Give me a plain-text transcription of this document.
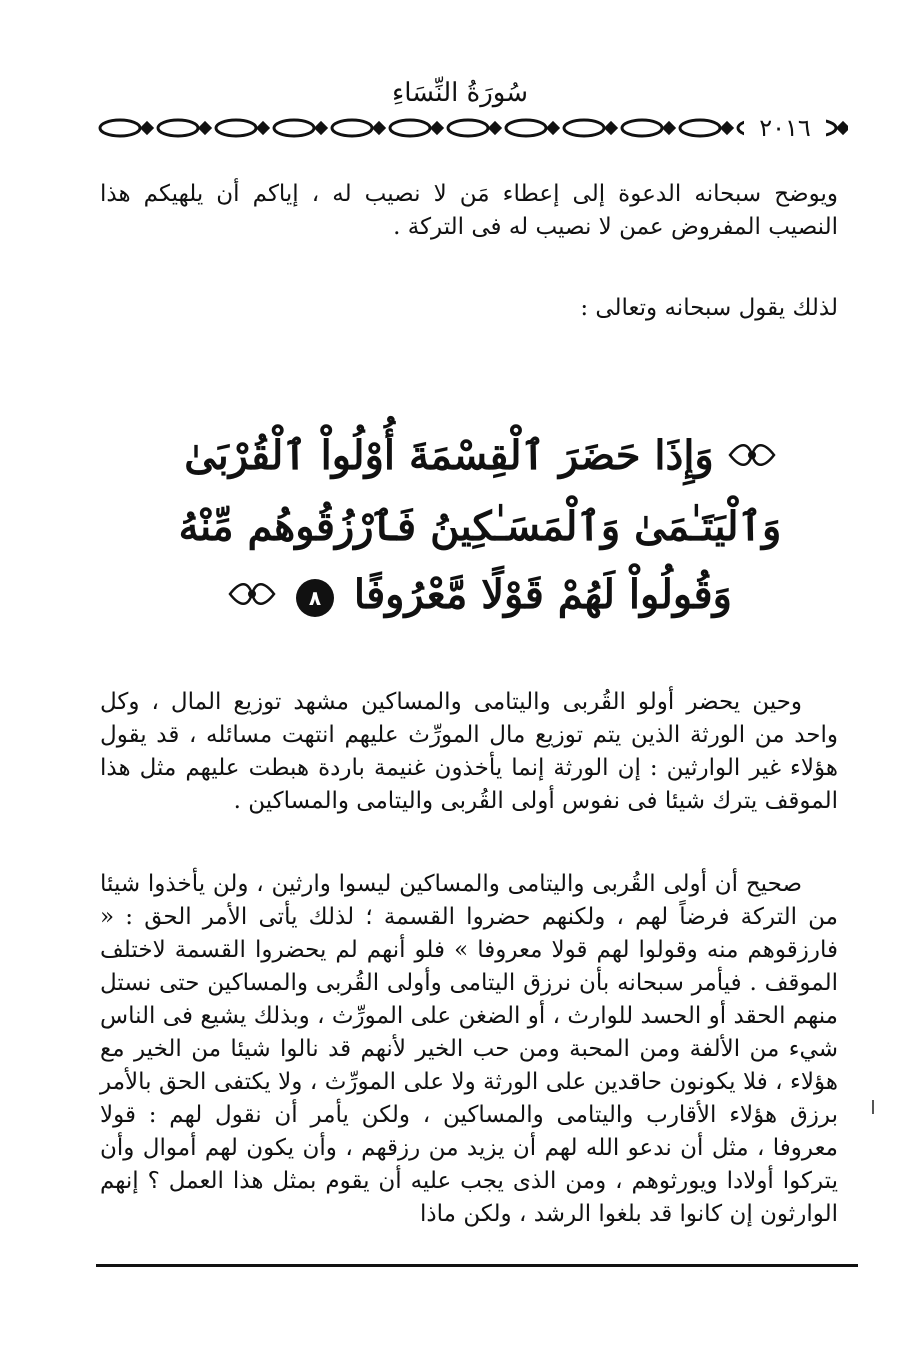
سُورَةُ النِّسَاءِ
٢٠١٦
ويوضح سبحانه الدعوة إلى إعطاء مَن لا نصيب له ، إياكم أن يلهيكم هذا النصيب المفروض عمن لا نصيب له فى التركة .
لذلك يقول سبحانه وتعالى :
وَإِذَا حَضَرَ ٱلْقِسْمَةَ أُوْلُواْ ٱلْقُرْبَىٰ وَٱلْيَتَـٰمَىٰ وَٱلْمَسَـٰكِينُ فَٱرْزُقُوهُم مِّنْهُ وَقُولُواْ لَهُمْ قَوْلًا مَّعْرُوفًا ٨
وحين يحضر أولو القُربى واليتامى والمساكين مشهد توزيع المال ، وكل واحد من الورثة الذين يتم توزيع مال المورِّث عليهم انتهت مسائله ، قد يقول هؤلاء غير الوارثين : إن الورثة إنما يأخذون غنيمة باردة هبطت عليهم مثل هذا الموقف يترك شيئا فى نفوس أولى القُربى واليتامى والمساكين .
صحيح أن أولى القُربى واليتامى والمساكين ليسوا وارثين ، ولن يأخذوا شيئا من التركة فرضاً لهم ، ولكنهم حضروا القسمة ؛ لذلك يأتى الأمر الحق : « فارزقوهم منه وقولوا لهم قولا معروفا » فلو أنهم لم يحضروا القسمة لاختلف الموقف . فيأمر سبحانه بأن نرزق اليتامى وأولى القُربى والمساكين حتى نستل منهم الحقد أو الحسد للوارث ، أو الضغن على المورِّث ، وبذلك يشيع فى الناس شيء من الألفة ومن المحبة ومن حب الخير لأنهم قد نالوا شيئا من الخير مع هؤلاء ، فلا يكونون حاقدين على الورثة ولا على المورِّث ، ولا يكتفى الحق بالأمر برزق هؤلاء الأقارب واليتامى والمساكين ، ولكن يأمر أن نقول لهم : قولا معروفا ، مثل أن ندعو الله لهم أن يزيد من رزقهم ، وأن يكون لهم أموال وأن يتركوا أولادا ويورثوهم ، ومن الذى يجب عليه أن يقوم بمثل هذا العمل ؟ إنهم الوارثون إن كانوا قد بلغوا الرشد ، ولكن ماذا
